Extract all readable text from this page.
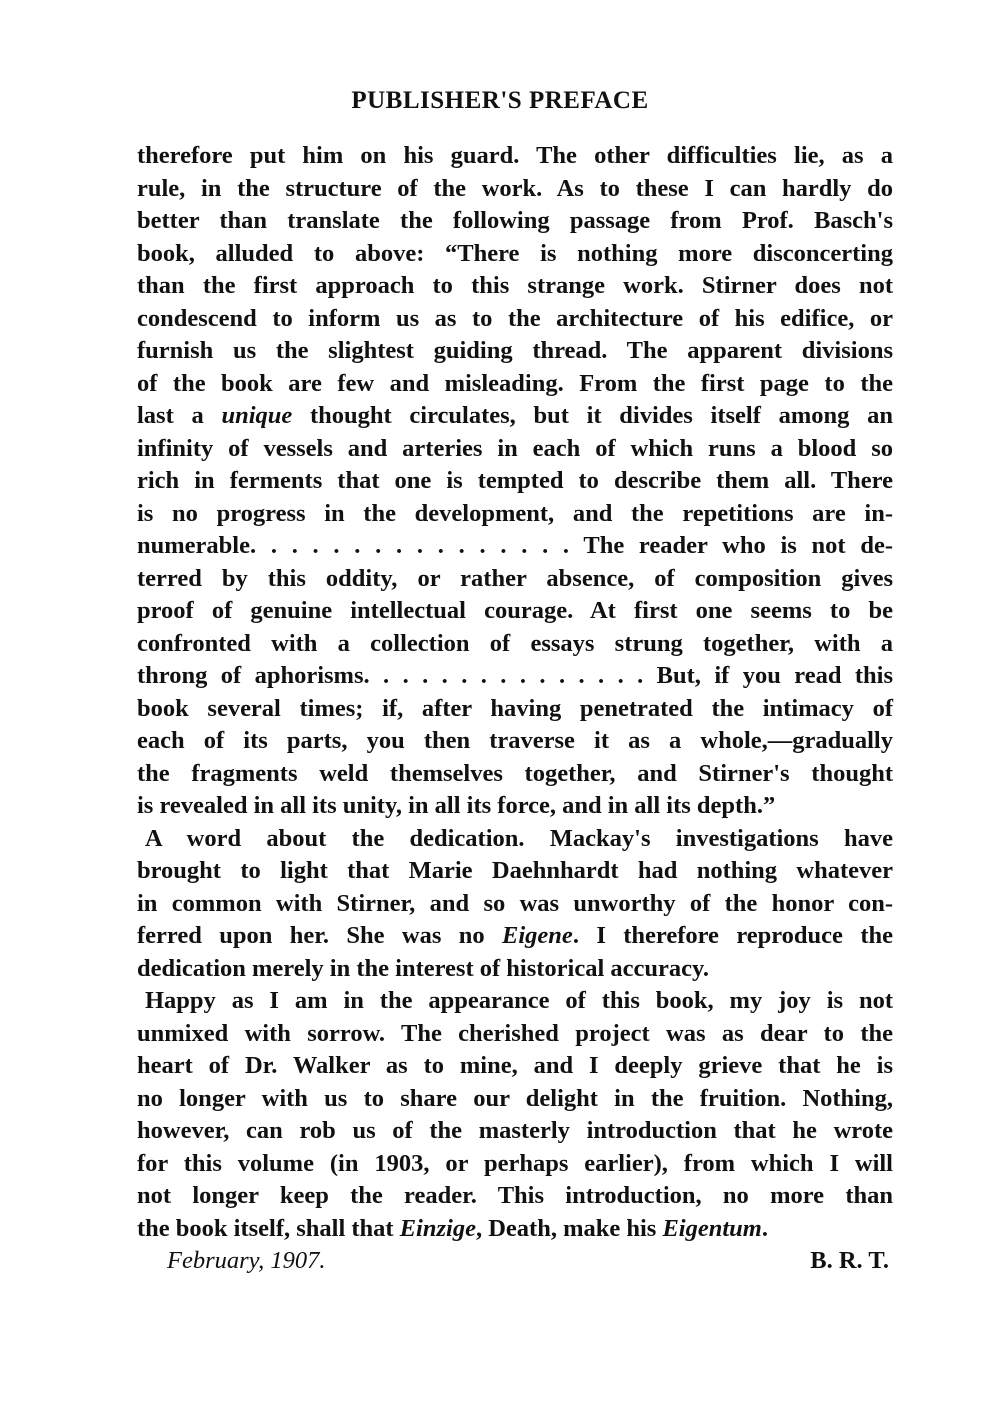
PUBLISHER'S PREFACE
therefore put him on his guard. The other difficulties lie, as a
rule, in the structure of the work. As to these I can hardly do
better than translate the following passage from Prof. Basch's
book, alluded to above: “There is nothing more disconcerting
than the first approach to this strange work. Stirner does not
condescend to inform us as to the architecture of his edifice, or
furnish us the slightest guiding thread. The apparent divisions
of the book are few and misleading. From the first page to the
last a unique thought circulates, but it divides itself among an
infinity of vessels and arteries in each of which runs a blood so
rich in ferments that one is tempted to describe them all. There
is no progress in the development, and the repetitions are in-
numerable. . . . . . . . . . . . . . . . The reader who is not de-
terred by this oddity, or rather absence, of composition gives
proof of genuine intellectual courage. At first one seems to be
confronted with a collection of essays strung together, with a
throng of aphorisms. . . . . . . . . . . . . . . But, if you read this
book several times; if, after having penetrated the intimacy of
each of its parts, you then traverse it as a whole,—gradually
the fragments weld themselves together, and Stirner's thought
is revealed in all its unity, in all its force, and in all its depth.”
A word about the dedication. Mackay's investigations have
brought to light that Marie Daehnhardt had nothing whatever
in common with Stirner, and so was unworthy of the honor con-
ferred upon her. She was no Eigene. I therefore reproduce the
dedication merely in the interest of historical accuracy.
Happy as I am in the appearance of this book, my joy is not
unmixed with sorrow. The cherished project was as dear to the
heart of Dr. Walker as to mine, and I deeply grieve that he is
no longer with us to share our delight in the fruition. Nothing,
however, can rob us of the masterly introduction that he wrote
for this volume (in 1903, or perhaps earlier), from which I will
not longer keep the reader. This introduction, no more than
the book itself, shall that Einzige, Death, make his Eigentum.
February, 1907.	B. R. T.
